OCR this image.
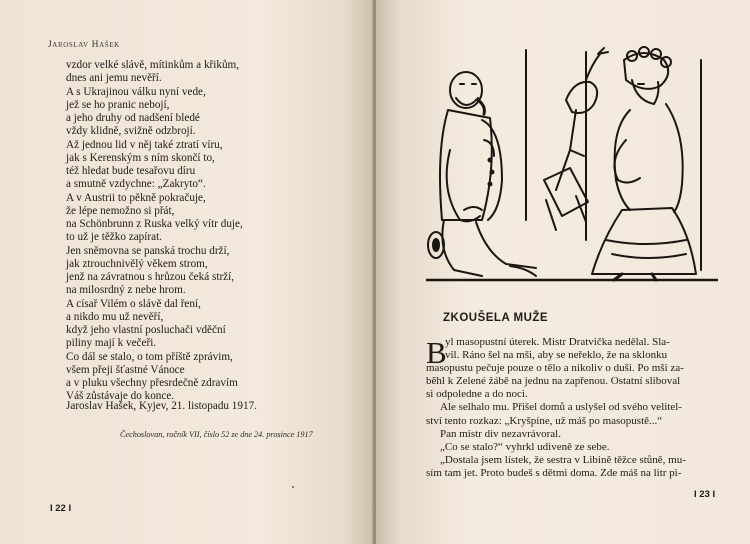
Jaroslav Hašek
vzdor velké slávě, mítinkům a křikům,
dnes ani jemu nevěří.
A s Ukrajinou válku nyní vede,
jež se ho pranic nebojí,
a jeho druhy od nadšení bledé
vždy klidně, svižně odzbrojí.
Až jednou lid v něj také ztratí víru,
jak s Kerenským s ním skončí to,
též hledat bude tesařovu díru
a smutně vzdychne: „Zakryto“.
A v Austrii to pěkně pokračuje,
že lépe nemožno si přát,
na Schönbrunn z Ruska velký vítr duje,
to už je těžko zapírat.
Jen sněmovna se panská trochu drží,
jak ztrouchnivělý věkem strom,
jenž na závratnou s hrůzou čeká strží,
na milosrdný z nebe hrom.
A císař Vilém o slávě dal ření,
a nikdo mu už nevěří,
když jeho vlastní posluchači vděční
piliny mají k večeři.
Co dál se stalo, o tom příště zprávim,
všem přeji šťastné Vánoce
a v pluku všechny přesrdečně zdravím
Váš zůstávaje do konce.
Jaroslav Hašek, Kyjev, 21. listopadu 1917.
Čechoslovan, ročník VII, číslo 52 ze dne 24. prosince 1917
I 22 I
ZKOUŠELA MUŽE
B
yl masopustní úterek. Mistr Dratvička nedělal. Sla-
vil. Ráno šel na mši, aby se neřeklo, že na sklonku
masopustu pečuje pouze o tělo a nikoliv o duši. Po mši za-
běhl k Zelené žábě na jednu na zapřenou. Ostatní sliboval
si odpoledne a do noci.
Ale selhalo mu. Přišel domů a uslyšel od svého velitel-
ství tento rozkaz: „Kryšpíne, už máš po masopustě...“
Pan mistr div nezavrávoral.
„Co se stalo?“ vyhrkl udiveně ze sebe.
„Dostala jsem lístek, že sestra v Libině těžce stůně, mu-
sím tam jet. Proto budeš s dětmi doma. Zde máš na litr pi-
I 23 I
